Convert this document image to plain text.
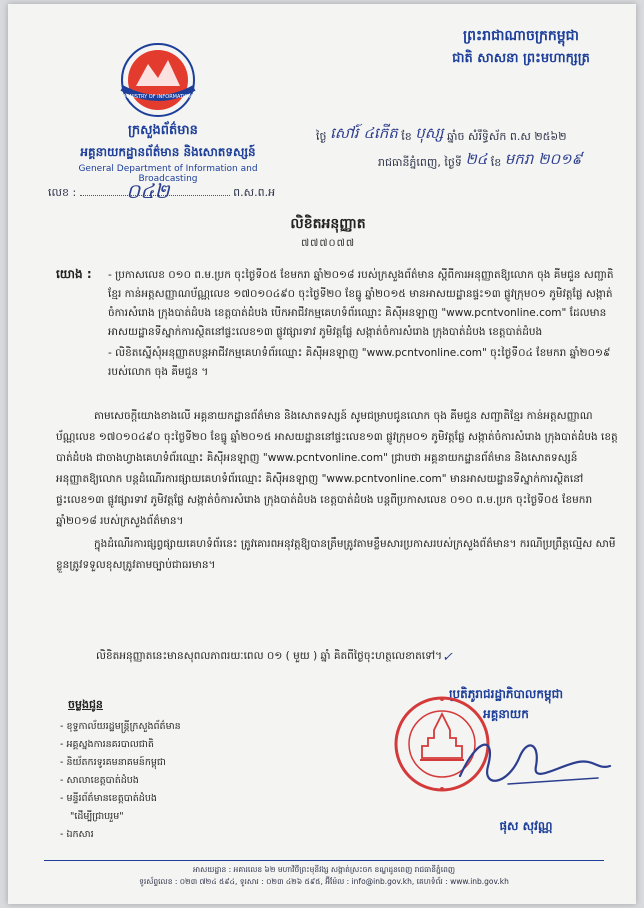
MINISTRY OF INFORMATION
ក្រសួងព័ត៌មាន
អគ្គនាយកដ្ឋានព័ត៌មាន និងសោតទស្សន៍
General Department of Information and Broadcasting
លេខ :	ព.ស.ព.អ
០៤២
ព្រះរាជាណាចក្រកម្ពុជា
ជាតិ សាសនា ព្រះមហាក្សត្រ
ថ្ងៃ សៅរ៍ ៤កើត ខែ បុស្ស ឆ្នាំច សំរឹទ្ធិស័ក ព.ស ២៥៦២
រាជធានីភ្នំពេញ, ថ្ងៃទី ២៤ ខែ មករា ២០១៩
លិខិតអនុញ្ញាត
៧៧៧០៧៧
យោង : - ប្រកាសលេខ ០១០ ព.ម.ប្រក ចុះថ្ងៃទី០៥ ខែមករា ឆ្នាំ២០១៨ របស់ក្រសួងព័ត៌មាន ស្តីពីការអនុញ្ញាតឱ្យលោក ចុង គីមជួន សញ្ជាតិខ្មែរ កាន់អត្តសញ្ញាណប័ណ្ណលេខ ១៧០១០៤៩០ ចុះថ្ងៃទី២០ ខែធ្នូ ឆ្នាំ២០១៥ មានអាសយដ្ឋានផ្ទះ១៣ ផ្លូវក្រុម០១ ភូមិវត្តផ្លែ សង្កាត់ចំការសំរោង ក្រុងបាត់ដំបង ខេត្តបាត់ដំបង បើកអាជីវកម្មគេហទំព័រឈ្មោះ គិស៊ីអនឡាញ "www.pcntvonline.com" ដែលមានអាសយដ្ឋានទីស្នាក់ការស្ថិតនៅផ្ទះលេខ១៣ ផ្លូវ​ផ្សារទាវ ភូមិវត្តផ្លែ សង្កាត់ចំការសំរោង ក្រុងបាត់ដំបង ខេត្តបាត់ដំបង

- លិខិតស្នើសុំអនុញ្ញាតបន្តអាជីវកម្មគេហទំព័រឈ្មោះ គិស៊ីអនឡាញ "www.pcntvonline.com" ចុះថ្ងៃទី០៤ ខែមករា ឆ្នាំ២០១៩ របស់លោក ចុង គីមជួន ។

តាមសេចក្តីយោងខាងលើ អគ្គនាយកដ្ឋានព័ត៌មាន និងសោតទស្សន៍ សូមជម្រាបជូនលោក ចុង គីមជួន សញ្ជាតិខ្មែរ កាន់អត្តសញ្ញាណប័ណ្ណលេខ ១៧០១០៤៩០ ចុះថ្ងៃទី២០ ខែធ្នូ ឆ្នាំ២០១៥ អាសយដ្ឋាននៅផ្ទះលេខ១៣ ផ្លូវក្រុម០១ ភូមិវត្តផ្លែ សង្កាត់ចំការសំរោង ក្រុងបាត់ដំបង ខេត្តបាត់ដំបង ជាចាងហ្វាងគេហទំព័រឈ្មោះ គិស៊ីអនឡាញ "www.pcntvonline.com" ជ្រាបថា អគ្គនាយកដ្ឋានព័ត៌មាន និងសោតទស្សន៍ អនុញ្ញាតឱ្យលោក បន្តដំណើរការផ្សាយគេហទំព័រឈ្មោះ គិស៊ីអនឡាញ "www.pcntvonline.com" មានអាសយដ្ឋានទីស្នាក់ការស្ថិតនៅផ្ទះលេខ១៣ ផ្លូវផ្សារទាវ ភូមិវត្តផ្លែ សង្កាត់ចំការសំរោង ក្រុងបាត់ដំបង ខេត្តបាត់ដំបង បន្តពីប្រកាសលេខ ០១០ ព.ម.ប្រក ចុះថ្ងៃទី០៥ ខែមករា ឆ្នាំ២០១៨ របស់ក្រសួងព័ត៌មាន។

ក្នុងដំណើរការផ្សព្វផ្សាយគេហទំព័រនេះ ត្រូវគោរពអនុវត្តឱ្យបានត្រឹមត្រូវតាមខ្លឹមសារប្រកាសរបស់ក្រសួងព័ត៌មាន។ ករណីប្រព្រឹត្តល្មើស សាមីខ្លួនត្រូវទទួលខុសត្រូវតាមច្បាប់ជាធរមាន។

លិខិតអនុញ្ញាតនេះមានសុពលភាពរយៈពេល ០១ ( មួយ ) ឆ្នាំ គិតពីថ្ងៃចុះហត្ថលេខាតទៅ។ ✓
ចម្លងជូន
- ខុទ្ទកាល័យរដ្ឋមន្ត្រីក្រសួងព័ត៌មាន
- អគ្គស្នងការនគរបាលជាតិ
- និយ័តករទូរគមនាគមន៍កម្ពុជា
- សាលាខេត្តបាត់ដំបង
- មន្ទីរព័ត៌មានខេត្តបាត់ដំបង
"ដើម្បីជ្រាបរួម"
- ឯកសារ
ប្រតិភូរាជរដ្ឋាភិបាលកម្ពុជា
អគ្គនាយក
ផុស សុវណ្ណ
អាសយដ្ឋាន : អគារលេខ ៦២ មហាវិថីព្រះមុនីវង្ស សង្កាត់ស្រះចក ខណ្ឌដូនពេញ រាជធានីភ្នំពេញ
ទូរស័ព្ទលេខ : ០២៣ ៧២៤ ៥៩៤, ទូរសារ : ០២៣ ៤២៦ ៥៩៥, អ៊ីម៉ែល : info@inb.gov.kh, គេហទំព័រ : www.inb.gov.kh
